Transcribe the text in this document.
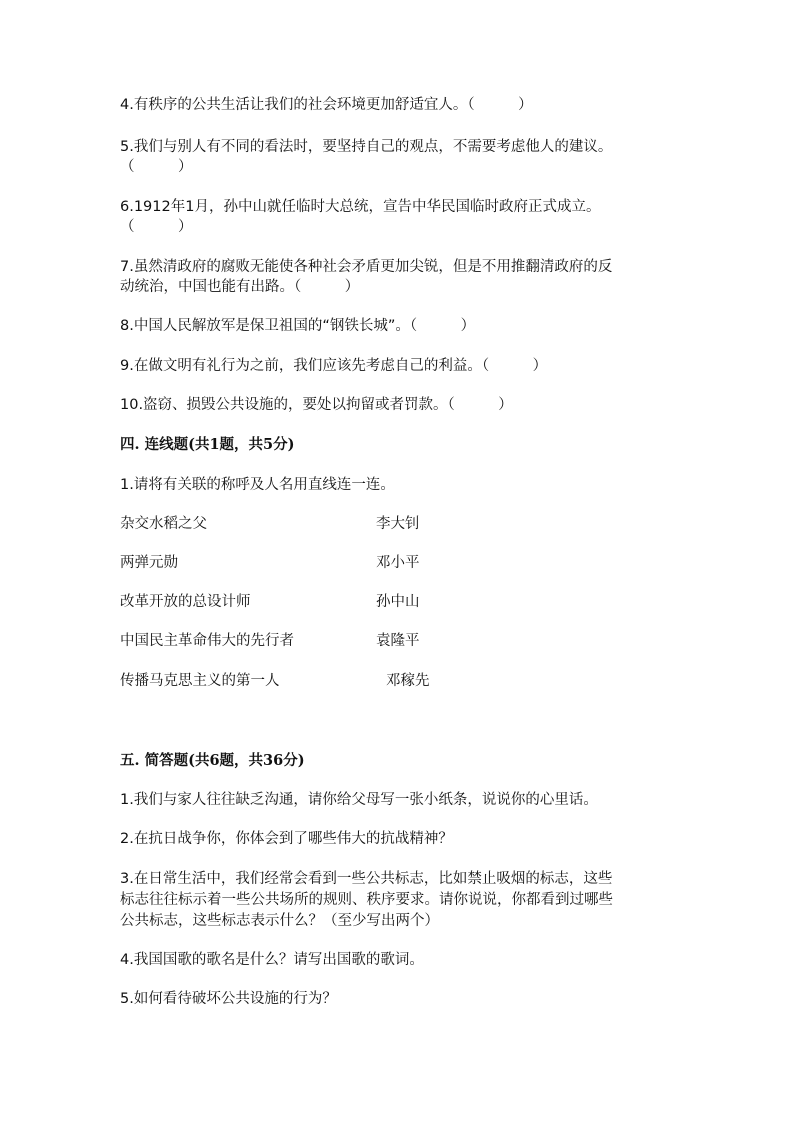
4.有秩序的公共生活让我们的社会环境更加舒适宜人。（　　　）
5.我们与别人有不同的看法时，要坚持自己的观点，不需要考虑他人的建议。
（　　　）
6.1912年1月，孙中山就任临时大总统，宣告中华民国临时政府正式成立。
（　　　）
7.虽然清政府的腐败无能使各种社会矛盾更加尖锐，但是不用推翻清政府的反
动统治，中国也能有出路。（　　　）
8.中国人民解放军是保卫祖国的“钢铁长城”。（　　　）
9.在做文明有礼行为之前，我们应该先考虑自己的利益。（　　　）
10.盗窃、损毁公共设施的，要处以拘留或者罚款。（　　　）
四. 连线题(共1题，共5分)
1.请将有关联的称呼及人名用直线连一连。
杂交水稻之父	李大钊
两弹元勋	邓小平
改革开放的总设计师	孙中山
中国民主革命伟大的先行者	袁隆平
传播马克思主义的第一人	邓稼先
五. 简答题(共6题，共36分)
1.我们与家人往往缺乏沟通，请你给父母写一张小纸条，说说你的心里话。
2.在抗日战争你，你体会到了哪些伟大的抗战精神？
3.在日常生活中，我们经常会看到一些公共标志，比如禁止吸烟的标志，这些
标志往往标示着一些公共场所的规则、秩序要求。请你说说，你都看到过哪些
公共标志，这些标志表示什么？（至少写出两个）
4.我国国歌的歌名是什么？请写出国歌的歌词。
5.如何看待破坏公共设施的行为？
